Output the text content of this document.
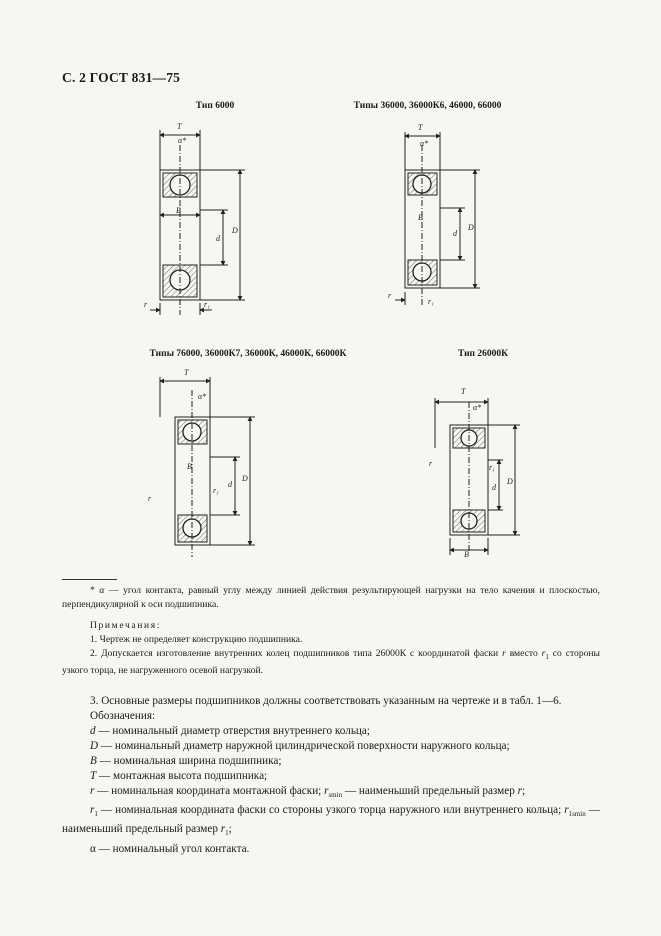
С. 2 ГОСТ 831—75
Тип 6000
T
α*
B
d
D
r	r₁
Типы 36000, 36000К6, 46000, 66000
T
α*
B
d
D
r
r₁
Типы 76000, 36000К7, 36000К, 46000К, 66000К
T
α*
B
d
D
r
r₁
Тип 26000К
T
α*
B
d
D
r	r₁
* α — угол контакта, равный углу между линией действия результирующей нагрузки на тело качения и плоскостью, перпендикулярной к оси подшипника.
Примечания:
1. Чертеж не определяет конструкцию подшипника.
2. Допускается изготовление внутренних колец подшипников типа 26000К с координатой фаски r вместо $r_1$ со стороны узкого торца, не нагруженного осевой нагрузкой.
3. Основные размеры подшипников должны соответствовать указанным на чертеже и в табл. 1—6.
Обозначения:
d — номинальный диаметр отверстия внутреннего кольца;
D — номинальный диаметр наружной цилиндрической поверхности наружного кольца;
B — номинальная ширина подшипника;
T — монтажная высота подшипника;
r — номинальная координата монтажной фаски; $r_{smin}$ — наименьший предельный размер r;
$r_1$ — номинальная координата фаски со стороны узкого торца наружного или внутреннего кольца; $r_{1smin}$ — наименьший предельный размер $r_1$;
α — номинальный угол контакта.
